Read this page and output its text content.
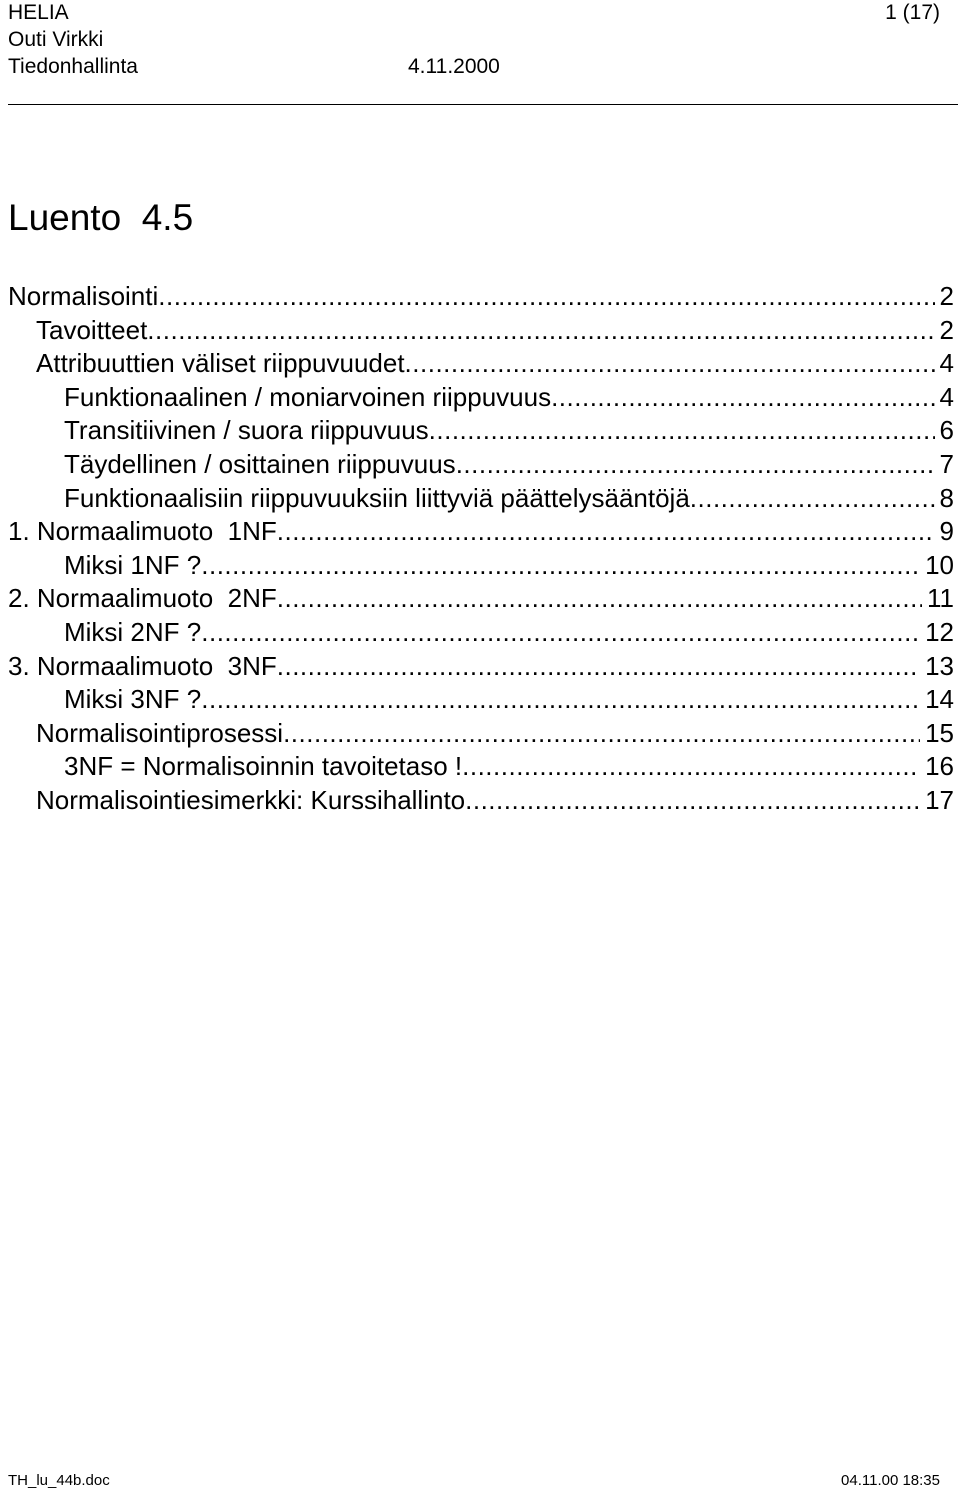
HELIA
Outi Virkki
Tiedonhallinta	4.11.2000
1 (17)
Luento  4.5
Normalisointi .....	2
Tavoitteet .....	2
Attribuuttien väliset riippuvuudet .....	4
Funktionaalinen / moniarvoinen riippuvuus .....	4
Transitiivinen / suora riippuvuus .....	6
Täydellinen / osittainen riippuvuus .....	7
Funktionaalisiin riippuvuuksiin liittyviä päättelysääntöjä .....	8
1. Normaalimuoto  1NF .....	9
Miksi 1NF ? .....	10
2. Normaalimuoto  2NF .....	11
Miksi 2NF ? .....	12
3. Normaalimuoto  3NF .....	13
Miksi 3NF ? .....	14
Normalisointiprosessi .....	15
3NF = Normalisoinnin tavoitetaso ! .....	16
Normalisointiesimerkki: Kurssihallinto .....	17
TH_lu_44b.doc	04.11.00 18:35
